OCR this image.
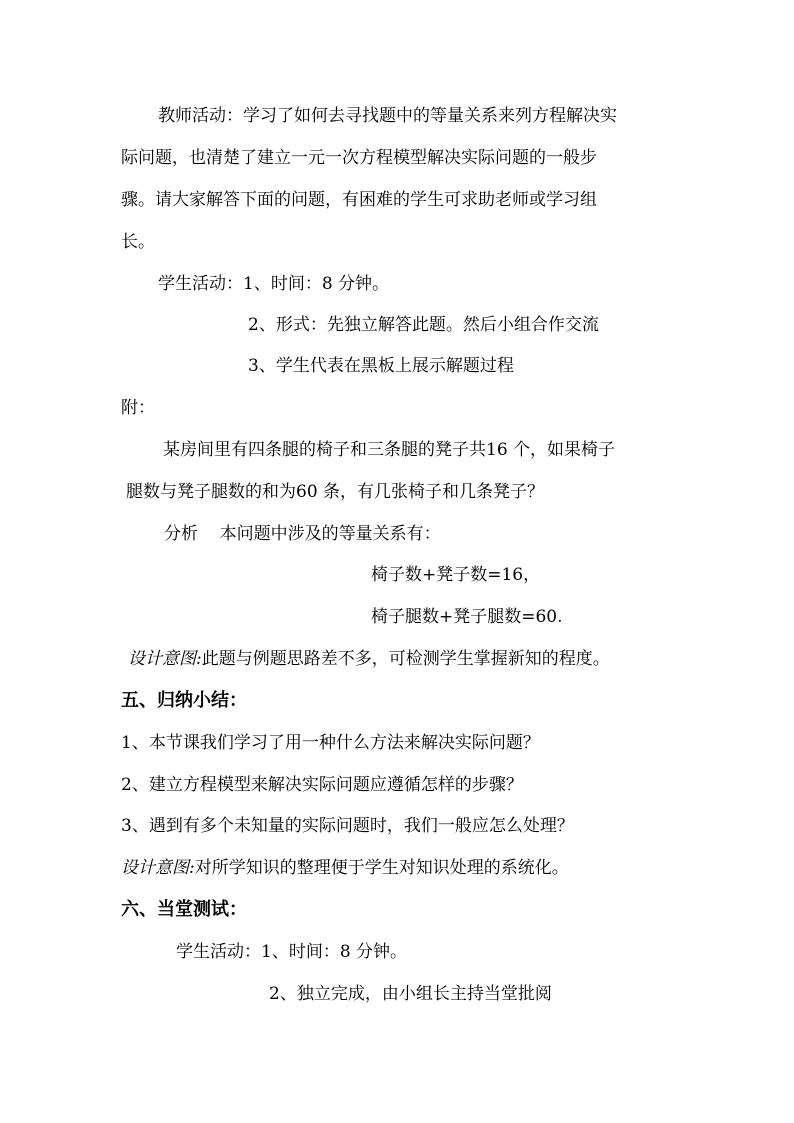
教师活动：学习了如何去寻找题中的等量关系来列方程解决实
际问题，也清楚了建立一元一次方程模型解决实际问题的一般步
骤。请大家解答下面的问题，有困难的学生可求助老师或学习组
长。
学生活动：1、时间：8 分钟。
2、形式：先独立解答此题。然后小组合作交流
3、学生代表在黑板上展示解题过程
附：
某房间里有四条腿的椅子和三条腿的凳子共16 个，如果椅子
腿数与凳子腿数的和为60 条，有几张椅子和几条凳子？
分析    本问题中涉及的等量关系有：
椅子数+凳子数=16，
椅子腿数+凳子腿数=60.
设计意图:此题与例题思路差不多，可检测学生掌握新知的程度。
五、归纳小结：
1、本节课我们学习了用一种什么方法来解决实际问题？
2、建立方程模型来解决实际问题应遵循怎样的步骤？
3、遇到有多个未知量的实际问题时，我们一般应怎么处理？
设计意图:对所学知识的整理便于学生对知识处理的系统化。
六、当堂测试：
学生活动：1、时间：8 分钟。
2、独立完成，由小组长主持当堂批阅
